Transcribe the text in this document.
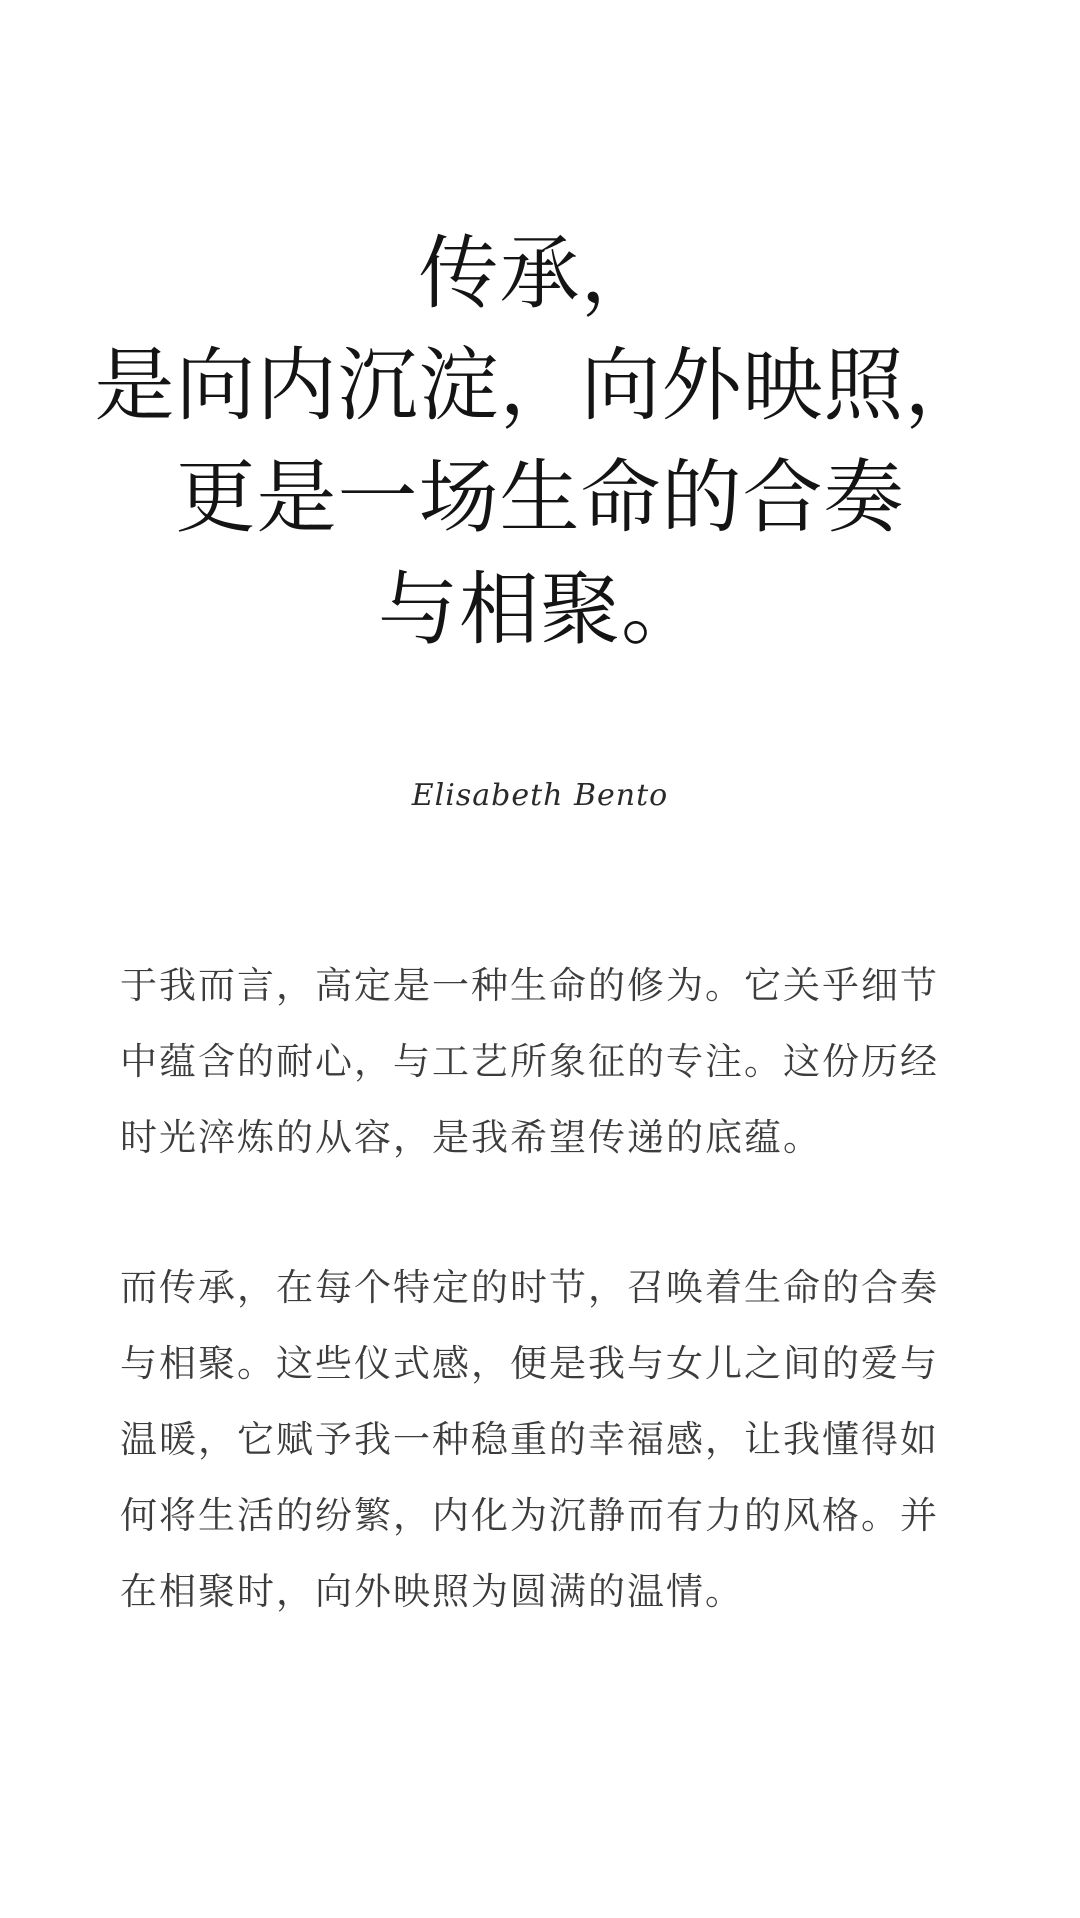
传承，
是向内沉淀，向外映照，
更是一场生命的合奏
与相聚。
Elisabeth Bento
于我而言，高定是一种生命的修为。它关乎细节
中蕴含的耐心，与工艺所象征的专注。这份历经
时光淬炼的从容，是我希望传递的底蕴。
而传承，在每个特定的时节，召唤着生命的合奏
与相聚。这些仪式感，便是我与女儿之间的爱与
温暖，它赋予我一种稳重的幸福感，让我懂得如
何将生活的纷繁，内化为沉静而有力的风格。并
在相聚时，向外映照为圆满的温情。
